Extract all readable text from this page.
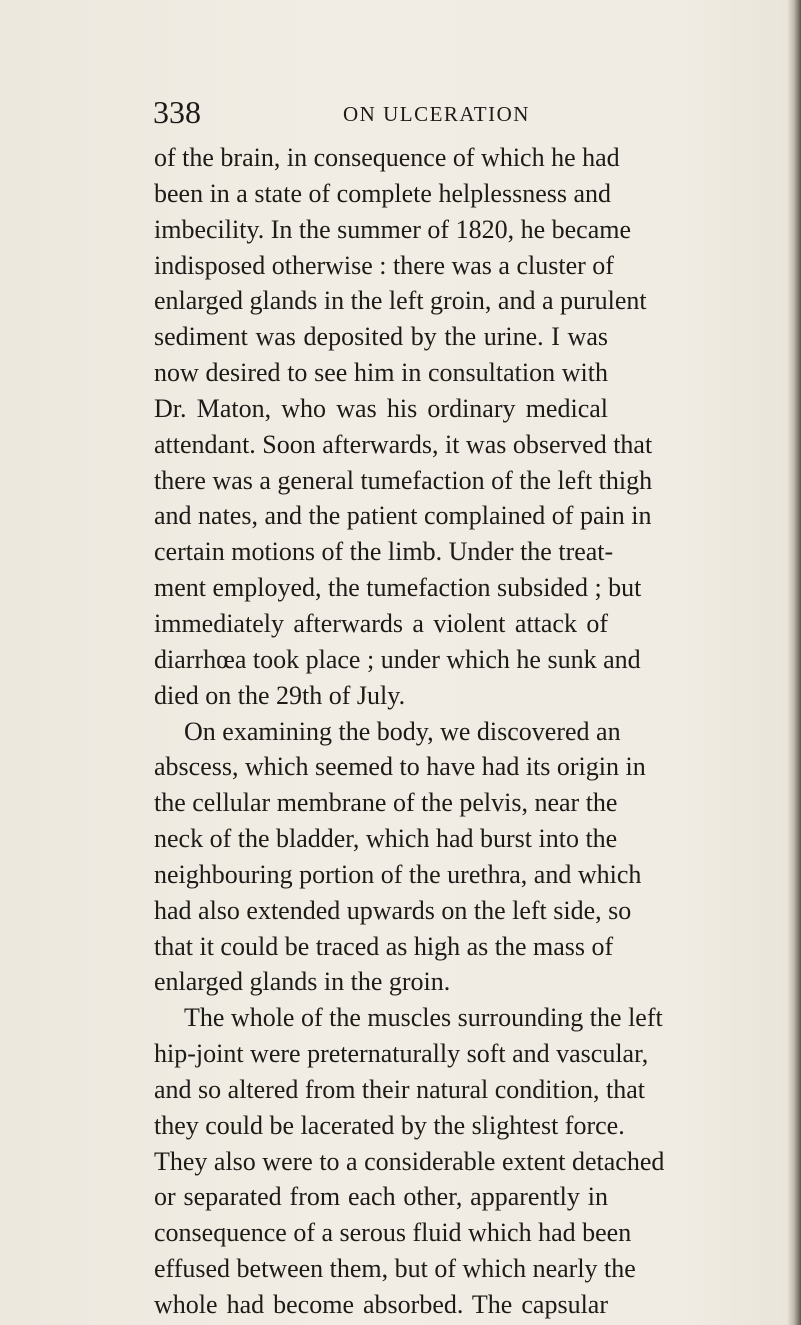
338	ON ULCERATION
of the brain, in consequence of which he had
been in a state of complete helplessness and
imbecility. In the summer of 1820, he became
indisposed otherwise : there was a cluster of
enlarged glands in the left groin, and a purulent
sediment was deposited by the urine. I was
now desired to see him in consultation with
Dr. Maton, who was his ordinary medical
attendant. Soon afterwards, it was observed that
there was a general tumefaction of the left thigh
and nates, and the patient complained of pain in
certain motions of the limb. Under the treat-
ment employed, the tumefaction subsided ; but
immediately afterwards a violent attack of
diarrhœa took place ; under which he sunk and
died on the 29th of July.
On examining the body, we discovered an
abscess, which seemed to have had its origin in
the cellular membrane of the pelvis, near the
neck of the bladder, which had burst into the
neighbouring portion of the urethra, and which
had also extended upwards on the left side, so
that it could be traced as high as the mass of
enlarged glands in the groin.
The whole of the muscles surrounding the left
hip-joint were preternaturally soft and vascular,
and so altered from their natural condition, that
they could be lacerated by the slightest force.
They also were to a considerable extent detached
or separated from each other, apparently in
consequence of a serous fluid which had been
effused between them, but of which nearly the
whole had become absorbed. The capsular
